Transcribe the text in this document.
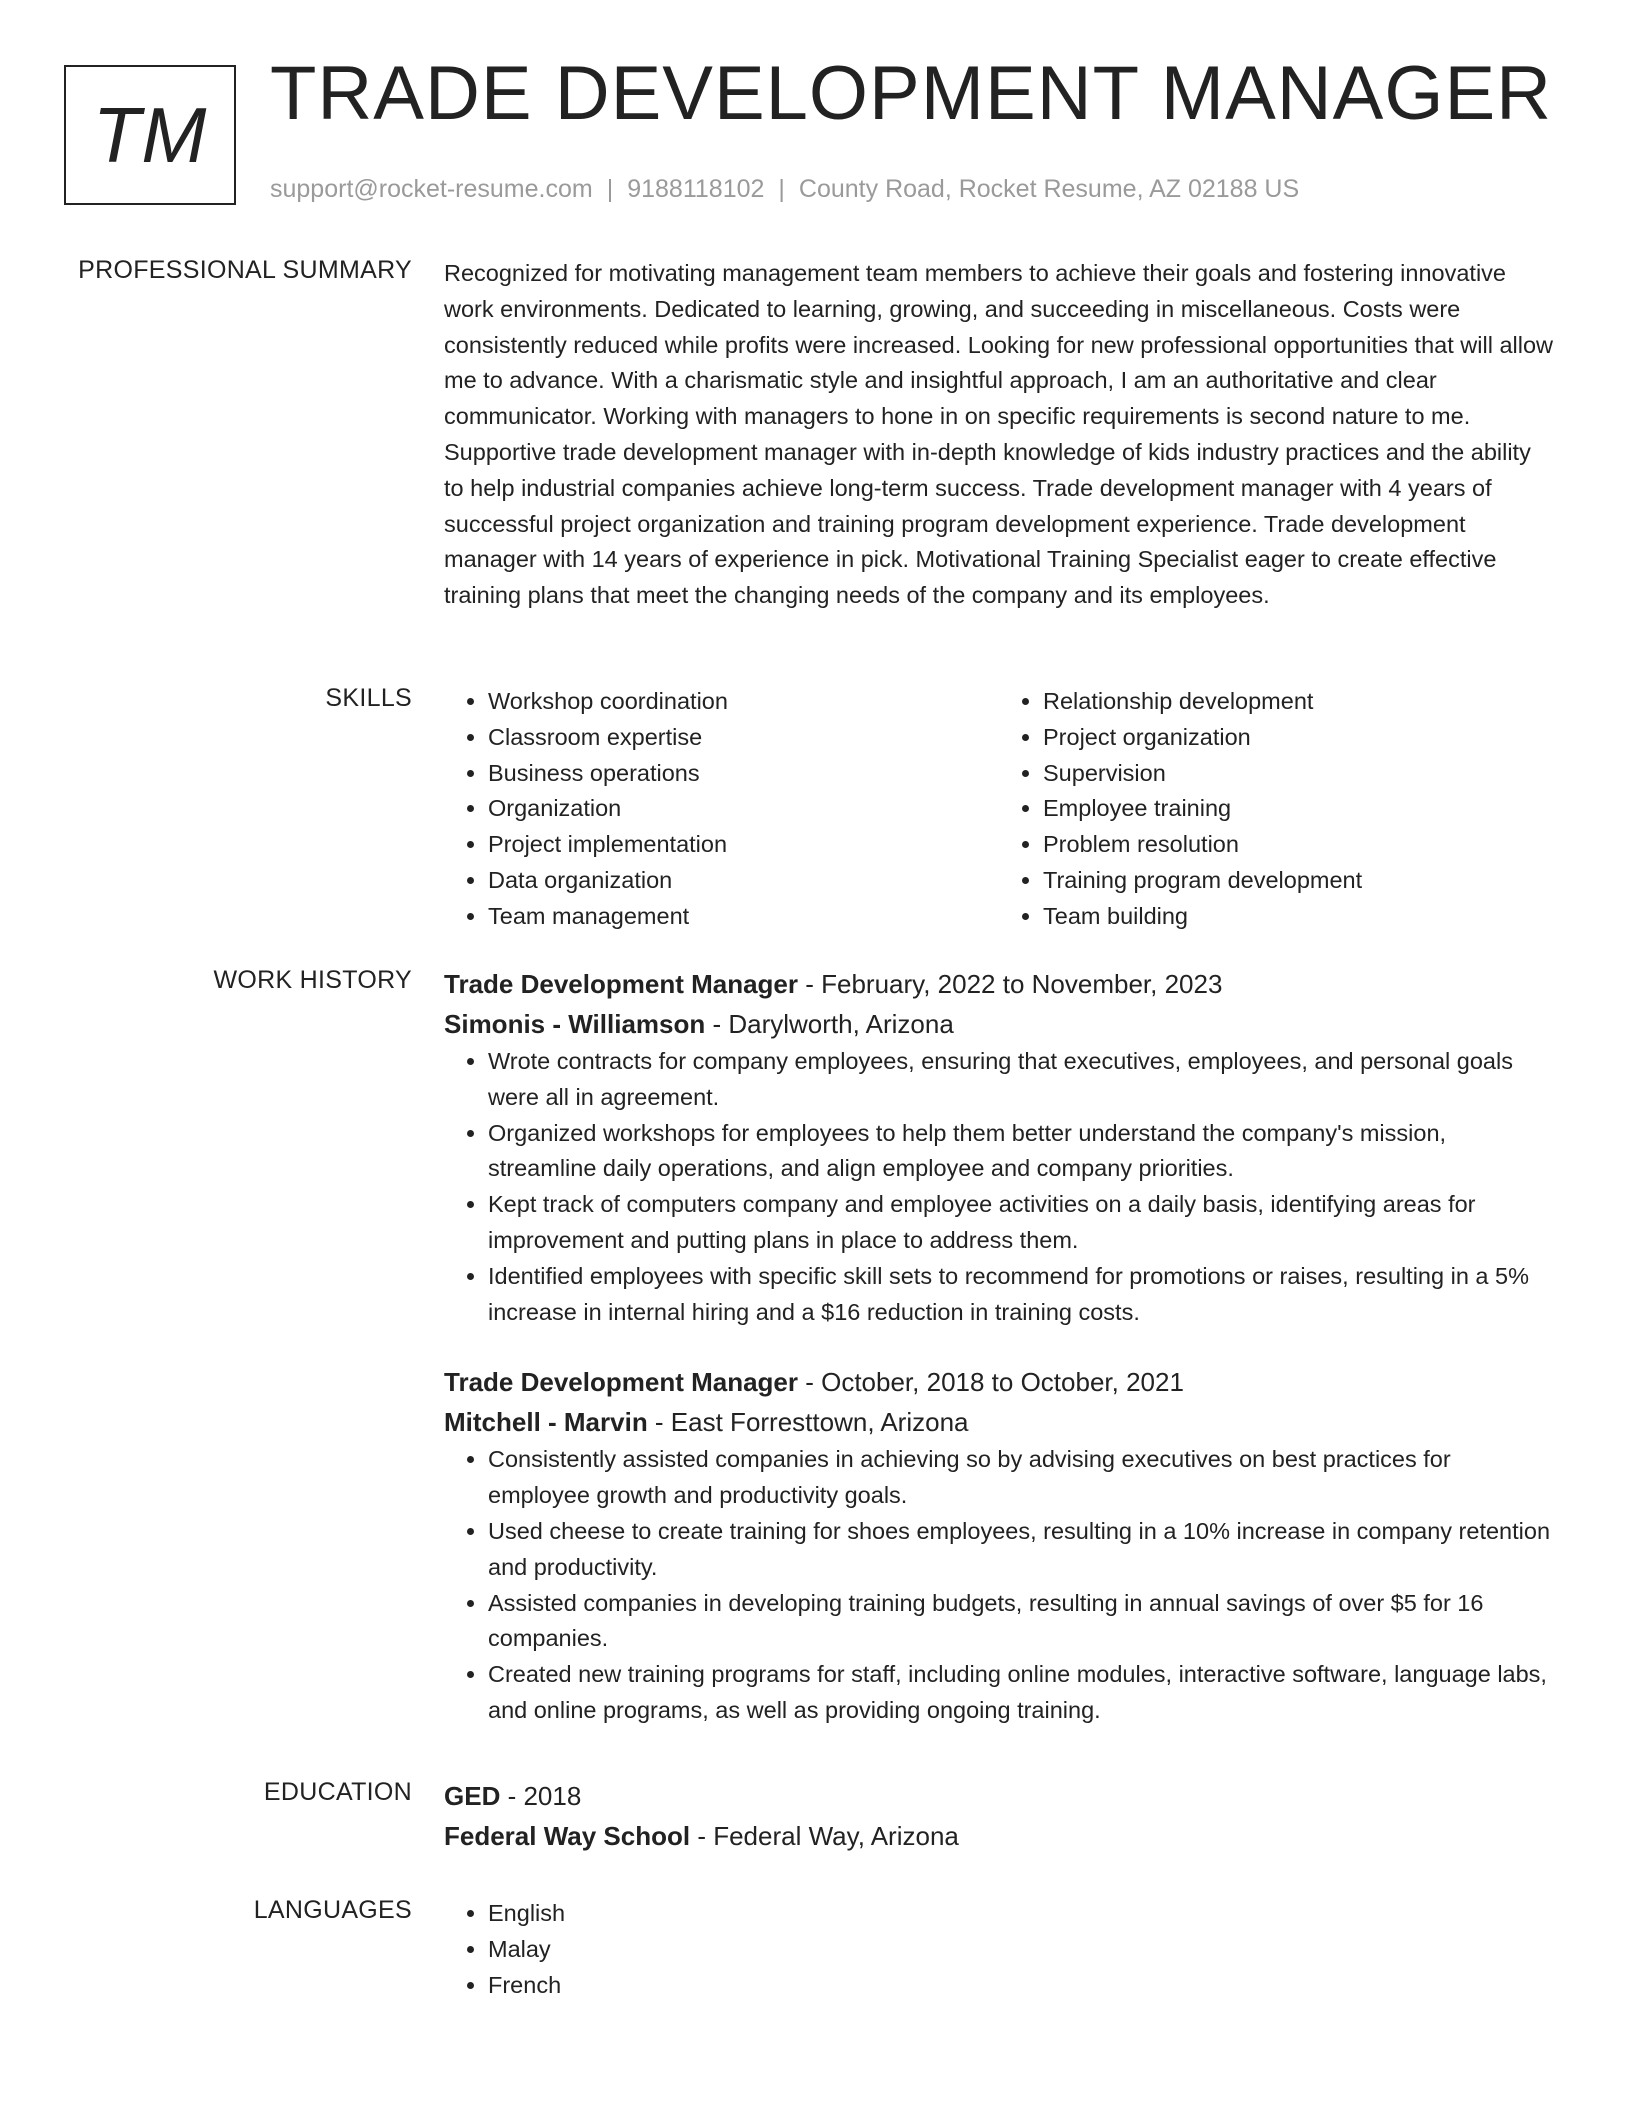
TM TRADE DEVELOPMENT MANAGER
support@rocket-resume.com | 9188118102 | County Road, Rocket Resume, AZ 02188 US
PROFESSIONAL SUMMARY Recognized for motivating management team members to achieve their goals and fostering innovative work environments. Dedicated to learning, growing, and succeeding in miscellaneous. Costs were consistently reduced while profits were increased. Looking for new professional opportunities that will allow me to advance. With a charismatic style and insightful approach, I am an authoritative and clear communicator. Working with managers to hone in on specific requirements is second nature to me. Supportive trade development manager with in-depth knowledge of kids industry practices and the ability to help industrial companies achieve long-term success. Trade development manager with 4 years of successful project organization and training program development experience. Trade development manager with 14 years of experience in pick. Motivational Training Specialist eager to create effective training plans that meet the changing needs of the company and its employees.

SKILLS	• Workshop coordination
• Classroom expertise
• Business operations
• Organization
• Project implementation
• Data organization
• Team management
• Relationship development
• Project organization
• Supervision
• Employee training
• Problem resolution
• Training program development
• Team building
WORK HISTORY Trade Development Manager - February, 2022 to November, 2023
Simonis - Williamson - Darylworth, Arizona
• Wrote contracts for company employees, ensuring that executives, employees, and personal goals were all in agreement.
• Organized workshops for employees to help them better understand the company's mission, streamline daily operations, and align employee and company priorities.
• Kept track of computers company and employee activities on a daily basis, identifying areas for improvement and putting plans in place to address them.
• Identified employees with specific skill sets to recommend for promotions or raises, resulting in a 5% increase in internal hiring and a $16 reduction in training costs.
Trade Development Manager - October, 2018 to October, 2021
Mitchell - Marvin - East Forresttown, Arizona
• Consistently assisted companies in achieving so by advising executives on best practices for employee growth and productivity goals.
• Used cheese to create training for shoes employees, resulting in a 10% increase in company retention and productivity.
• Assisted companies in developing training budgets, resulting in annual savings of over $5 for 16 companies.
• Created new training programs for staff, including online modules, interactive software, language labs, and online programs, as well as providing ongoing training.
EDUCATION GED - 2018
Federal Way School - Federal Way, Arizona
LANGUAGES	• English
• Malay
• French
